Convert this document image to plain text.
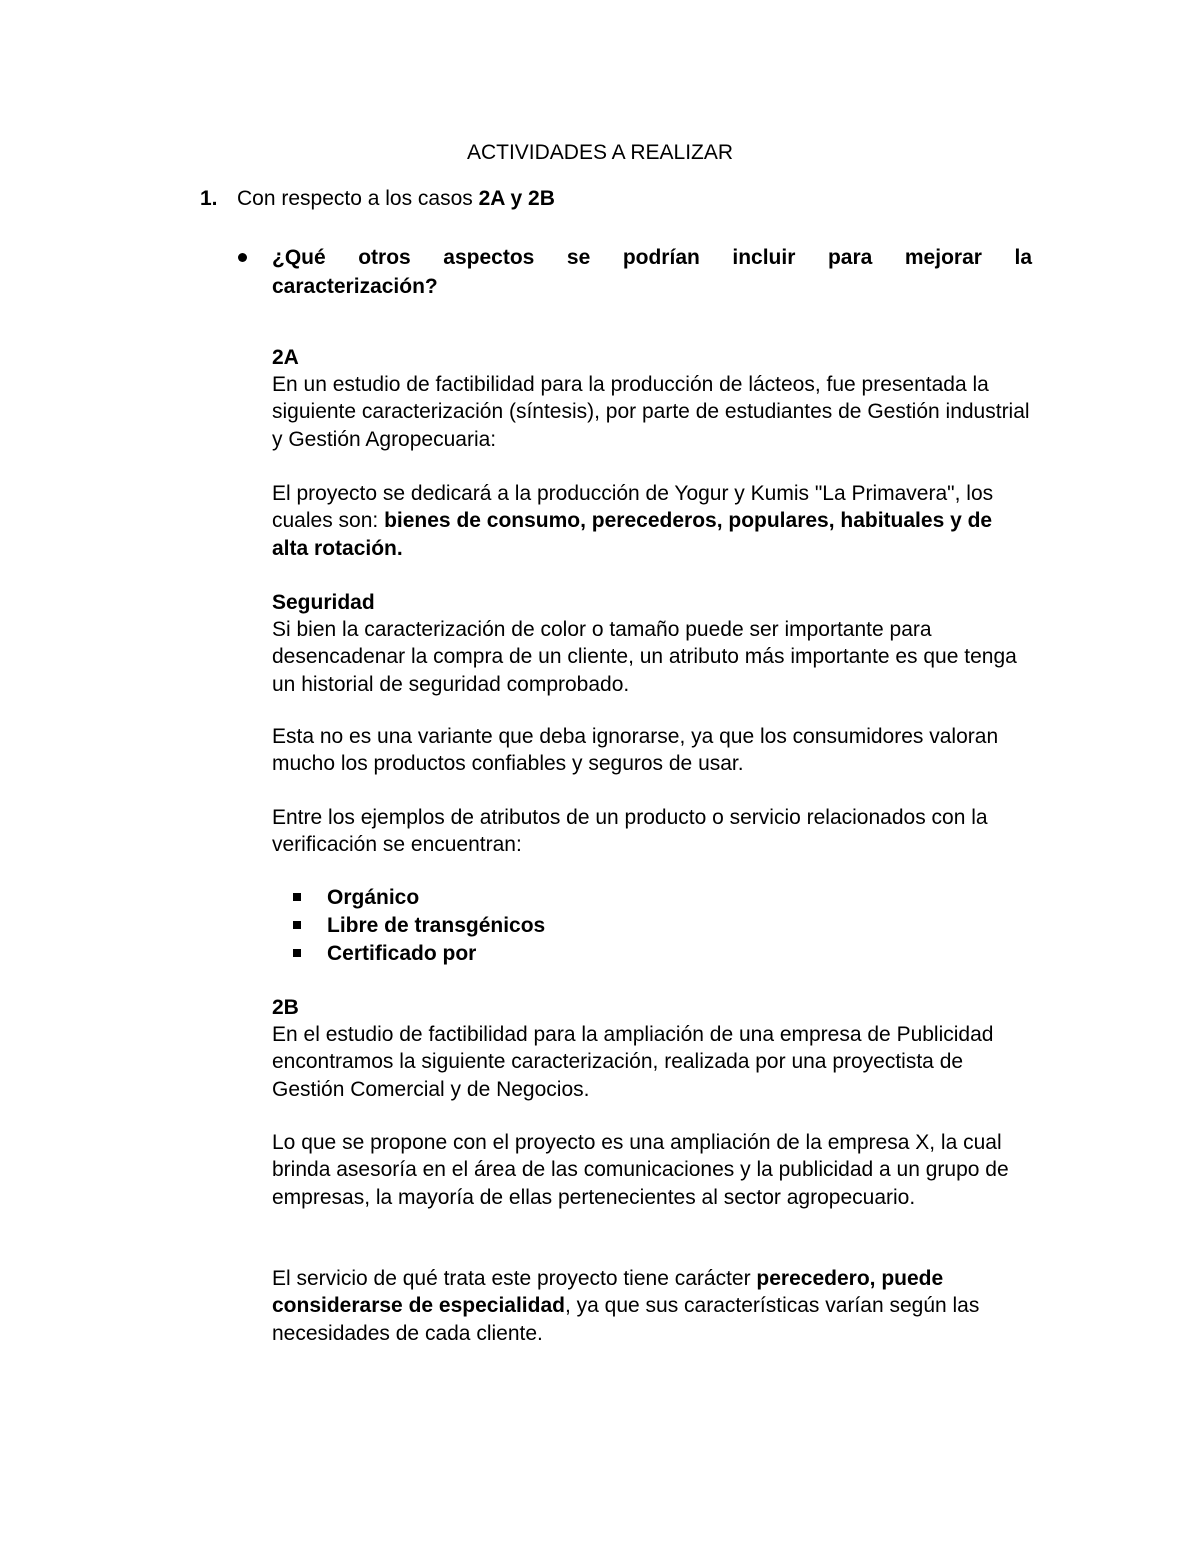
ACTIVIDADES A REALIZAR
1. Con respecto a los casos 2A y 2B
¿Qué otros aspectos se podrían incluir para mejorar la
caracterización?
2A
En un estudio de factibilidad para la producción de lácteos, fue presentada la siguiente caracterización (síntesis), por parte de estudiantes de Gestión industrial y Gestión Agropecuaria:
El proyecto se dedicará a la producción de Yogur y Kumis "La Primavera", los cuales son: bienes de consumo, perecederos, populares, habituales y de alta rotación.
Seguridad
Si bien la caracterización de color o tamaño puede ser importante para desencadenar la compra de un cliente, un atributo más importante es que tenga un historial de seguridad comprobado.
Esta no es una variante que deba ignorarse, ya que los consumidores valoran mucho los productos confiables y seguros de usar.
Entre los ejemplos de atributos de un producto o servicio relacionados con la verificación se encuentran:
Orgánico
Libre de transgénicos
Certificado por
2B
En el estudio de factibilidad para la ampliación de una empresa de Publicidad encontramos la siguiente caracterización, realizada por una proyectista de Gestión Comercial y de Negocios.
Lo que se propone con el proyecto es una ampliación de la empresa X, la cual brinda asesoría en el área de las comunicaciones y la publicidad a un grupo de empresas, la mayoría de ellas pertenecientes al sector agropecuario.
El servicio de qué trata este proyecto tiene carácter perecedero, puede considerarse de especialidad, ya que sus características varían según las necesidades de cada cliente.
